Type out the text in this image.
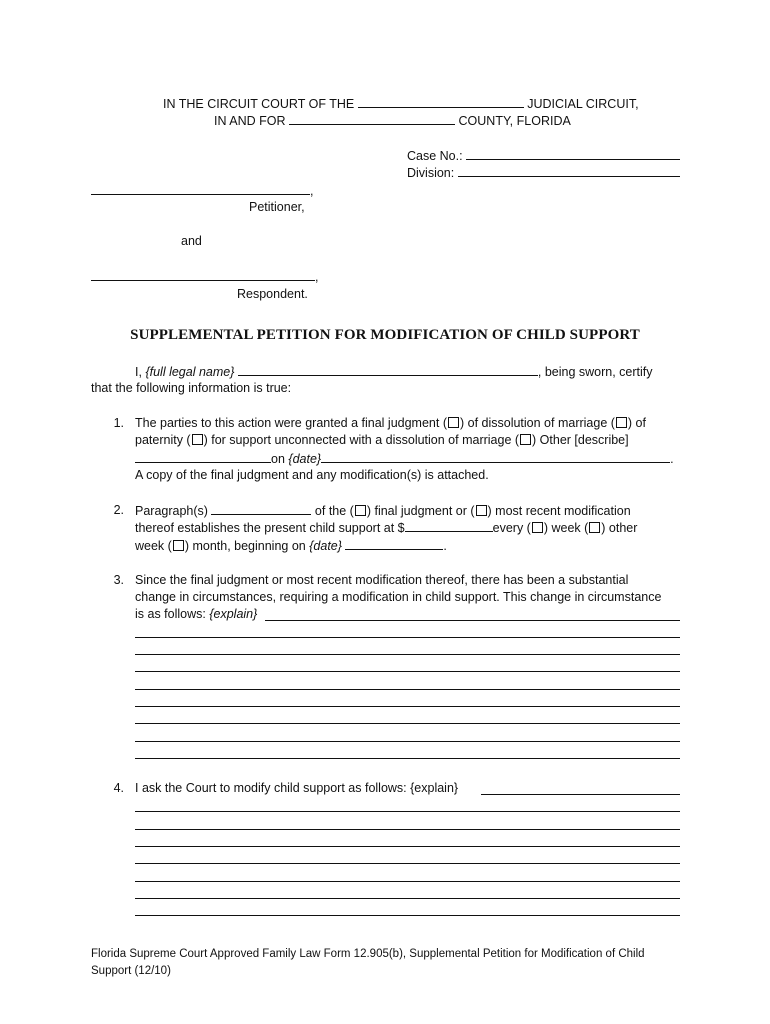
IN THE CIRCUIT COURT OF THE	JUDICIAL CIRCUIT,
IN AND FOR	COUNTY, FLORIDA
Case No.:
Division:
,
Petitioner,
and
,
Respondent.
SUPPLEMENTAL PETITION FOR MODIFICATION OF CHILD SUPPORT
I, {full legal name}	, being sworn, certify
that the following information is true:
1. The parties to this action were granted a final judgment ( ) of dissolution of marriage ( ) of
paternity ( ) for support unconnected with a dissolution of marriage ( ) Other [describe]
on {date}	.
A copy of the final judgment and any modification(s) is attached.
2. Paragraph(s)	of the ( ) final judgment or ( ) most recent modification
thereof establishes the present child support at $	every ( ) week ( ) other
week ( ) month, beginning on {date}	.
3. Since the final judgment or most recent modification thereof, there has been a substantial
change in circumstances, requiring a modification in child support. This change in circumstance
is as follows: {explain}
4. I ask the Court to modify child support as follows: {explain}
Florida Supreme Court Approved Family Law Form 12.905(b), Supplemental Petition for Modification of Child
Support (12/10)
